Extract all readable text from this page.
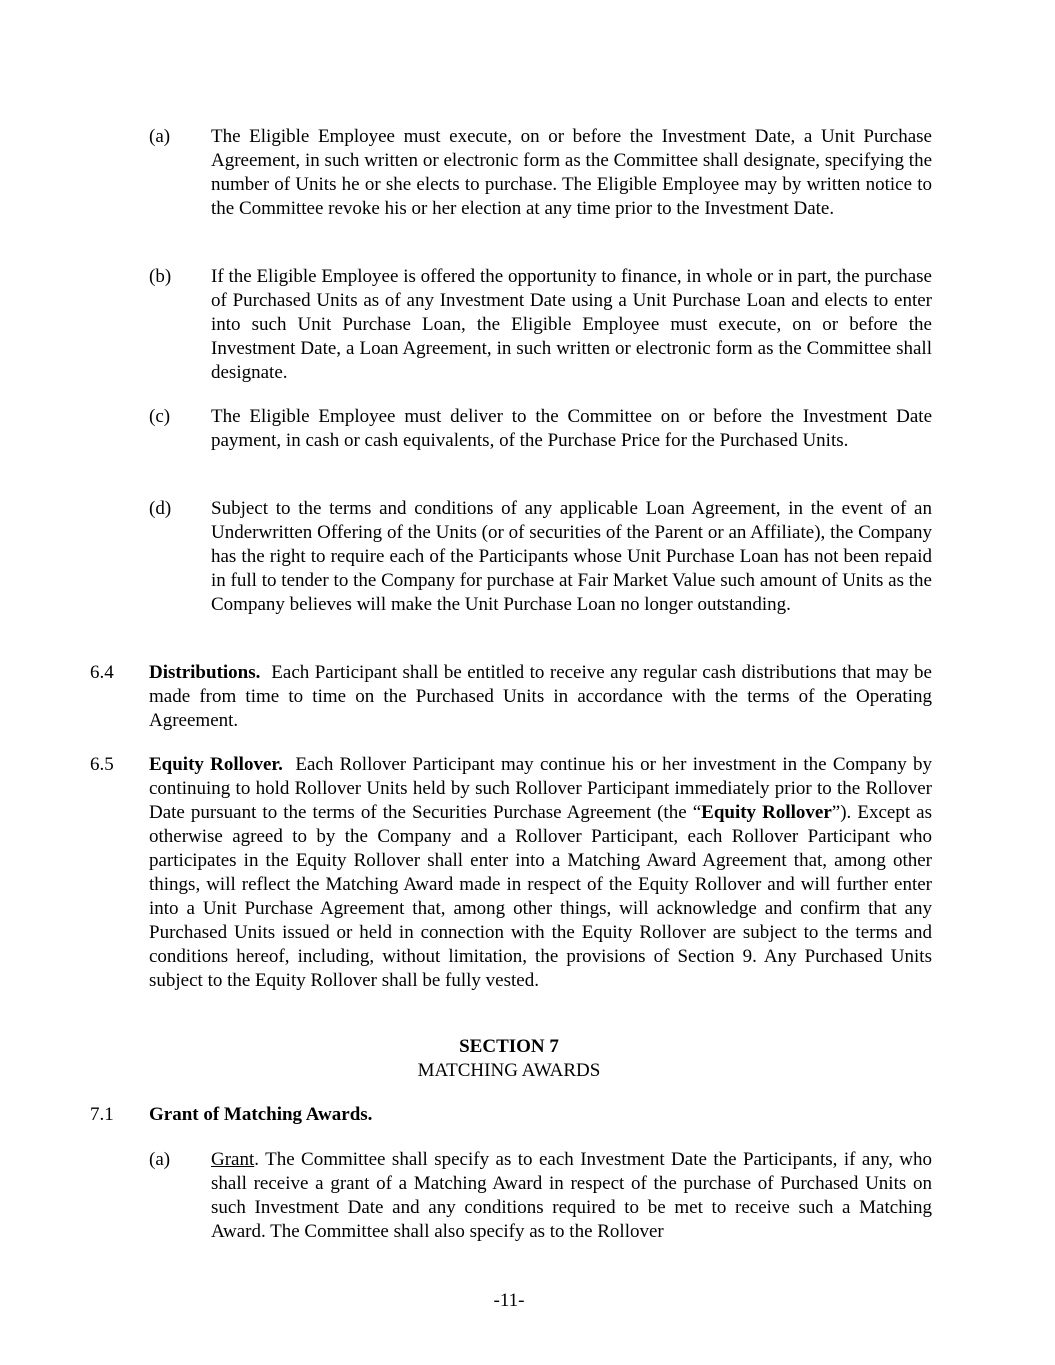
(a) The Eligible Employee must execute, on or before the Investment Date, a Unit Purchase Agreement, in such written or electronic form as the Committee shall designate, specifying the number of Units he or she elects to purchase. The Eligible Employee may by written notice to the Committee revoke his or her election at any time prior to the Investment Date.
(b) If the Eligible Employee is offered the opportunity to finance, in whole or in part, the purchase of Purchased Units as of any Investment Date using a Unit Purchase Loan and elects to enter into such Unit Purchase Loan, the Eligible Employee must execute, on or before the Investment Date, a Loan Agreement, in such written or electronic form as the Committee shall designate.
(c) The Eligible Employee must deliver to the Committee on or before the Investment Date payment, in cash or cash equivalents, of the Purchase Price for the Purchased Units.
(d) Subject to the terms and conditions of any applicable Loan Agreement, in the event of an Underwritten Offering of the Units (or of securities of the Parent or an Affiliate), the Company has the right to require each of the Participants whose Unit Purchase Loan has not been repaid in full to tender to the Company for purchase at Fair Market Value such amount of Units as the Company believes will make the Unit Purchase Loan no longer outstanding.
6.4 Distributions. Each Participant shall be entitled to receive any regular cash distributions that may be made from time to time on the Purchased Units in accordance with the terms of the Operating Agreement.
6.5 Equity Rollover. Each Rollover Participant may continue his or her investment in the Company by continuing to hold Rollover Units held by such Rollover Participant immediately prior to the Rollover Date pursuant to the terms of the Securities Purchase Agreement (the “Equity Rollover”). Except as otherwise agreed to by the Company and a Rollover Participant, each Rollover Participant who participates in the Equity Rollover shall enter into a Matching Award Agreement that, among other things, will reflect the Matching Award made in respect of the Equity Rollover and will further enter into a Unit Purchase Agreement that, among other things, will acknowledge and confirm that any Purchased Units issued or held in connection with the Equity Rollover are subject to the terms and conditions hereof, including, without limitation, the provisions of Section 9. Any Purchased Units subject to the Equity Rollover shall be fully vested.
SECTION 7
MATCHING AWARDS
7.1 Grant of Matching Awards.
(a) Grant. The Committee shall specify as to each Investment Date the Participants, if any, who shall receive a grant of a Matching Award in respect of the purchase of Purchased Units on such Investment Date and any conditions required to be met to receive such a Matching Award. The Committee shall also specify as to the Rollover
-11-
